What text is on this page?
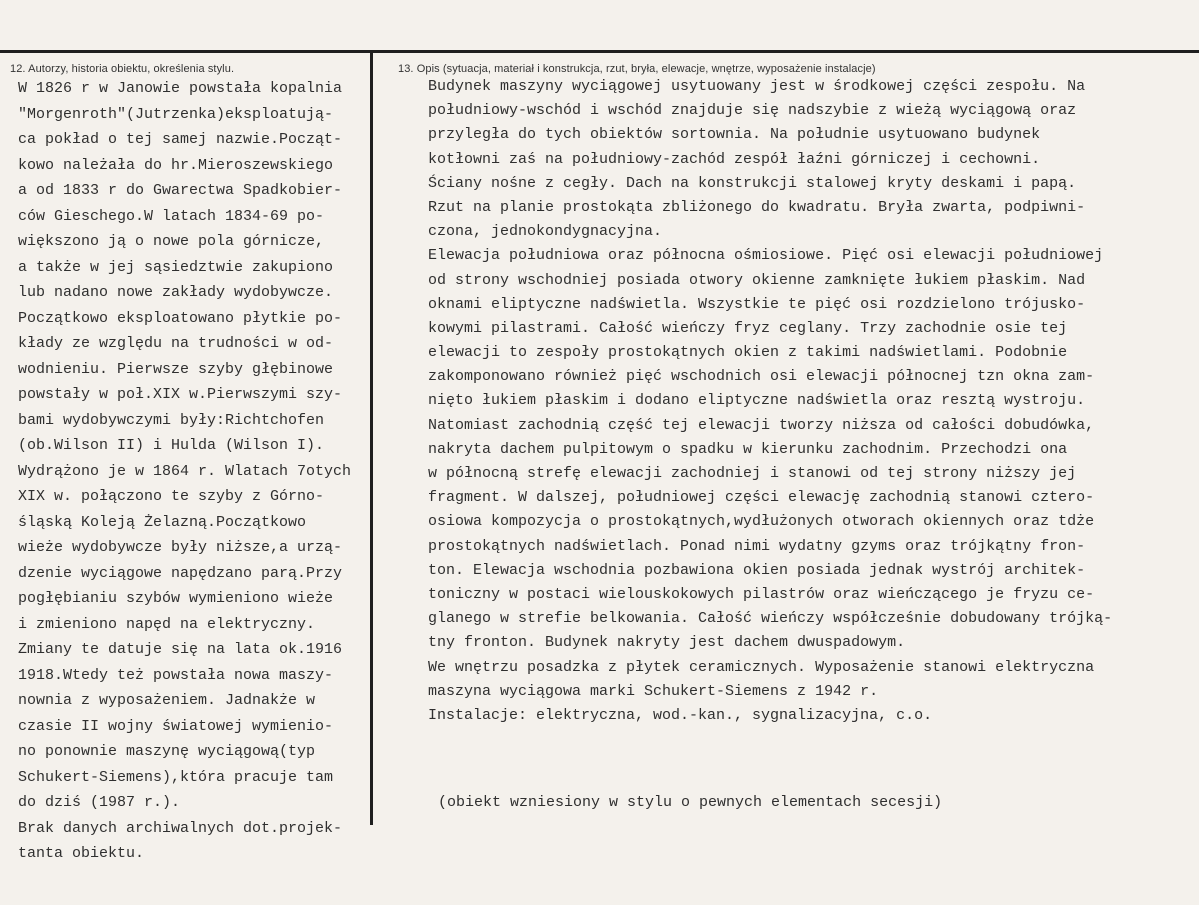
12. Autorzy, historia obiektu, określenia stylu.	13. Opis (sytuacja, materiał i konstrukcja, rzut, bryła, elewacje, wnętrze, wyposażenie instalacje)
W 1826 r w Janowie powstała kopalnia
"Morgenroth"(Jutrzenka)eksploatują-
ca pokład o tej samej nazwie.Począt-
kowo należała do hr.Mieroszewskiego
a od 1833 r do Gwarectwa Spadkobier-
ców Gieschego.W latach 1834-69 po-
większono ją o nowe pola górnicze,
a także w jej sąsiedztwie zakupiono
lub nadano nowe zakłady wydobywcze.
Początkowo eksploatowano płytkie po-
kłady ze względu na trudności w od-
wodnieniu. Pierwsze szyby głębinowe
powstały w poł.XIX w.Pierwszymi szy-
bami wydobywczymi były:Richtchofen
(ob.Wilson II) i Hulda (Wilson I).
Wydrążono je w 1864 r. Wlatach 7otych
XIX w. połączono te szyby z Górno-
śląską Koleją Żelazną.Początkowo
wieże wydobywcze były niższe,a urzą-
dzenie wyciągowe napędzano parą.Przy
pogłębianiu szybów wymieniono wieże
i zmieniono napęd na elektryczny.
Zmiany te datuje się na lata ok.1916
1918.Wtedy też powstała nowa maszy-
nownia z wyposażeniem. Jadnakże w
czasie II wojny światowej wymienio-
no ponownie maszynę wyciągową(typ
Schukert-Siemens),która pracuje tam
do dziś (1987 r.).
Brak danych archiwalnych dot.projek-
tanta obiektu.
Budynek maszyny wyciągowej usytuowany jest w środkowej części zespołu. Na
południowy-wschód i wschód znajduje się nadszybie z wieżą wyciągową oraz
przyległa do tych obiektów sortownia. Na południe usytuowano budynek
kotłowni zaś na południowy-zachód zespół łaźni górniczej i cechowni.
Ściany nośne z cegły. Dach na konstrukcji stalowej kryty deskami i papą.
Rzut na planie prostokąta zbliżonego do kwadratu. Bryła zwarta, podpiwni-
czona, jednokondygnacyjna.
Elewacja południowa oraz północna ośmiosiowe. Pięć osi elewacji południowej
od strony wschodniej posiada otwory okienne zamknięte łukiem płaskim. Nad
oknami eliptyczne nadświetla. Wszystkie te pięć osi rozdzielono trójusko-
kowymi pilastrami. Całość wieńczy fryz ceglany. Trzy zachodnie osie tej
elewacji to zespoły prostokątnych okien z takimi nadświetlami. Podobnie
zakomponowano również pięć wschodnich osi elewacji północnej tzn okna zam-
nięto łukiem płaskim i dodano eliptyczne nadświetla oraz resztą wystroju.
Natomiast zachodnią część tej elewacji tworzy niższa od całości dobudówka,
nakryta dachem pulpitowym o spadku w kierunku zachodnim. Przechodzi ona
w północną strefę elewacji zachodniej i stanowi od tej strony niższy jej
fragment. W dalszej, południowej części elewację zachodnią stanowi cztero-
osiowa kompozycja o prostokątnych,wydłużonych otworach okiennych oraz tdże
prostokątnych nadświetlach. Ponad nimi wydatny gzyms oraz trójkątny fron-
ton. Elewacja wschodnia pozbawiona okien posiada jednak wystrój architek-
toniczny w postaci wielouskokowych pilastrów oraz wieńczącego je fryzu ce-
glanego w strefie belkowania. Całość wieńczy współcześnie dobudowany trójką-
tny fronton. Budynek nakryty jest dachem dwuspadowym.
We wnętrzu posadzka z płytek ceramicznych. Wyposażenie stanowi elektryczna
maszyna wyciągowa marki Schukert-Siemens z 1942 r.
Instalacje: elektryczna, wod.-kan., sygnalizacyjna, c.o.
(obiekt wzniesiony w stylu o pewnych elementach secesji)
